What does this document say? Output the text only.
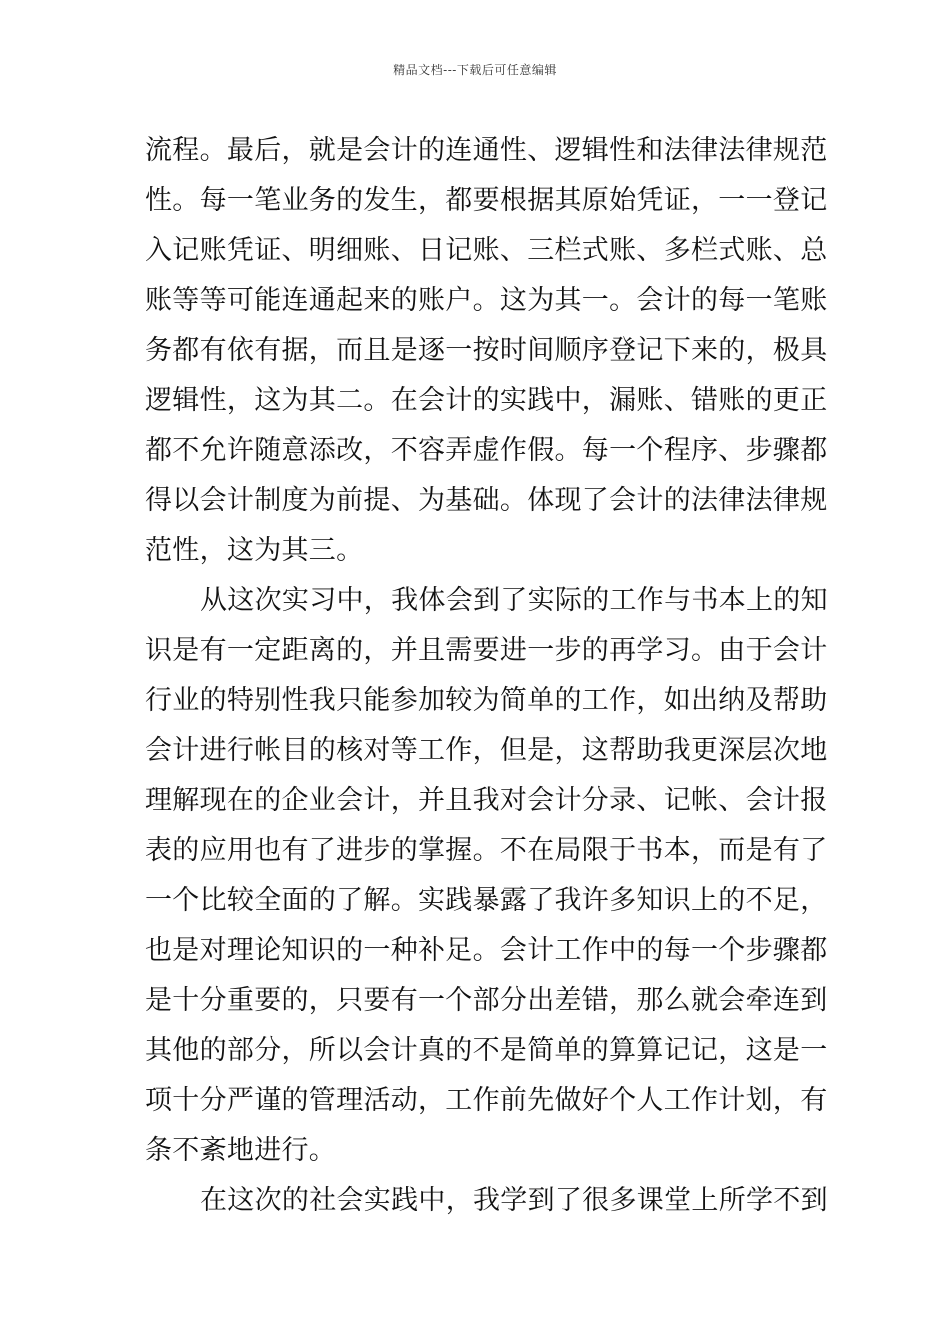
精品文档---下载后可任意编辑
流程。最后，就是会计的连通性、逻辑性和法律法律规范
性。每一笔业务的发生，都要根据其原始凭证，一一登记
入记账凭证、明细账、日记账、三栏式账、多栏式账、总
账等等可能连通起来的账户。这为其一。会计的每一笔账
务都有依有据，而且是逐一按时间顺序登记下来的，极具
逻辑性，这为其二。在会计的实践中，漏账、错账的更正
都不允许随意添改，不容弄虚作假。每一个程序、步骤都
得以会计制度为前提、为基础。体现了会计的法律法律规
范性，这为其三。
从这次实习中，我体会到了实际的工作与书本上的知
识是有一定距离的，并且需要进一步的再学习。由于会计
行业的特别性我只能参加较为简单的工作，如出纳及帮助
会计进行帐目的核对等工作，但是，这帮助我更深层次地
理解现在的企业会计，并且我对会计分录、记帐、会计报
表的应用也有了进步的掌握。不在局限于书本，而是有了
一个比较全面的了解。实践暴露了我许多知识上的不足，
也是对理论知识的一种补足。会计工作中的每一个步骤都
是十分重要的，只要有一个部分出差错，那么就会牵连到
其他的部分，所以会计真的不是简单的算算记记，这是一
项十分严谨的管理活动，工作前先做好个人工作计划，有
条不紊地进行。
在这次的社会实践中，我学到了很多课堂上所学不到
